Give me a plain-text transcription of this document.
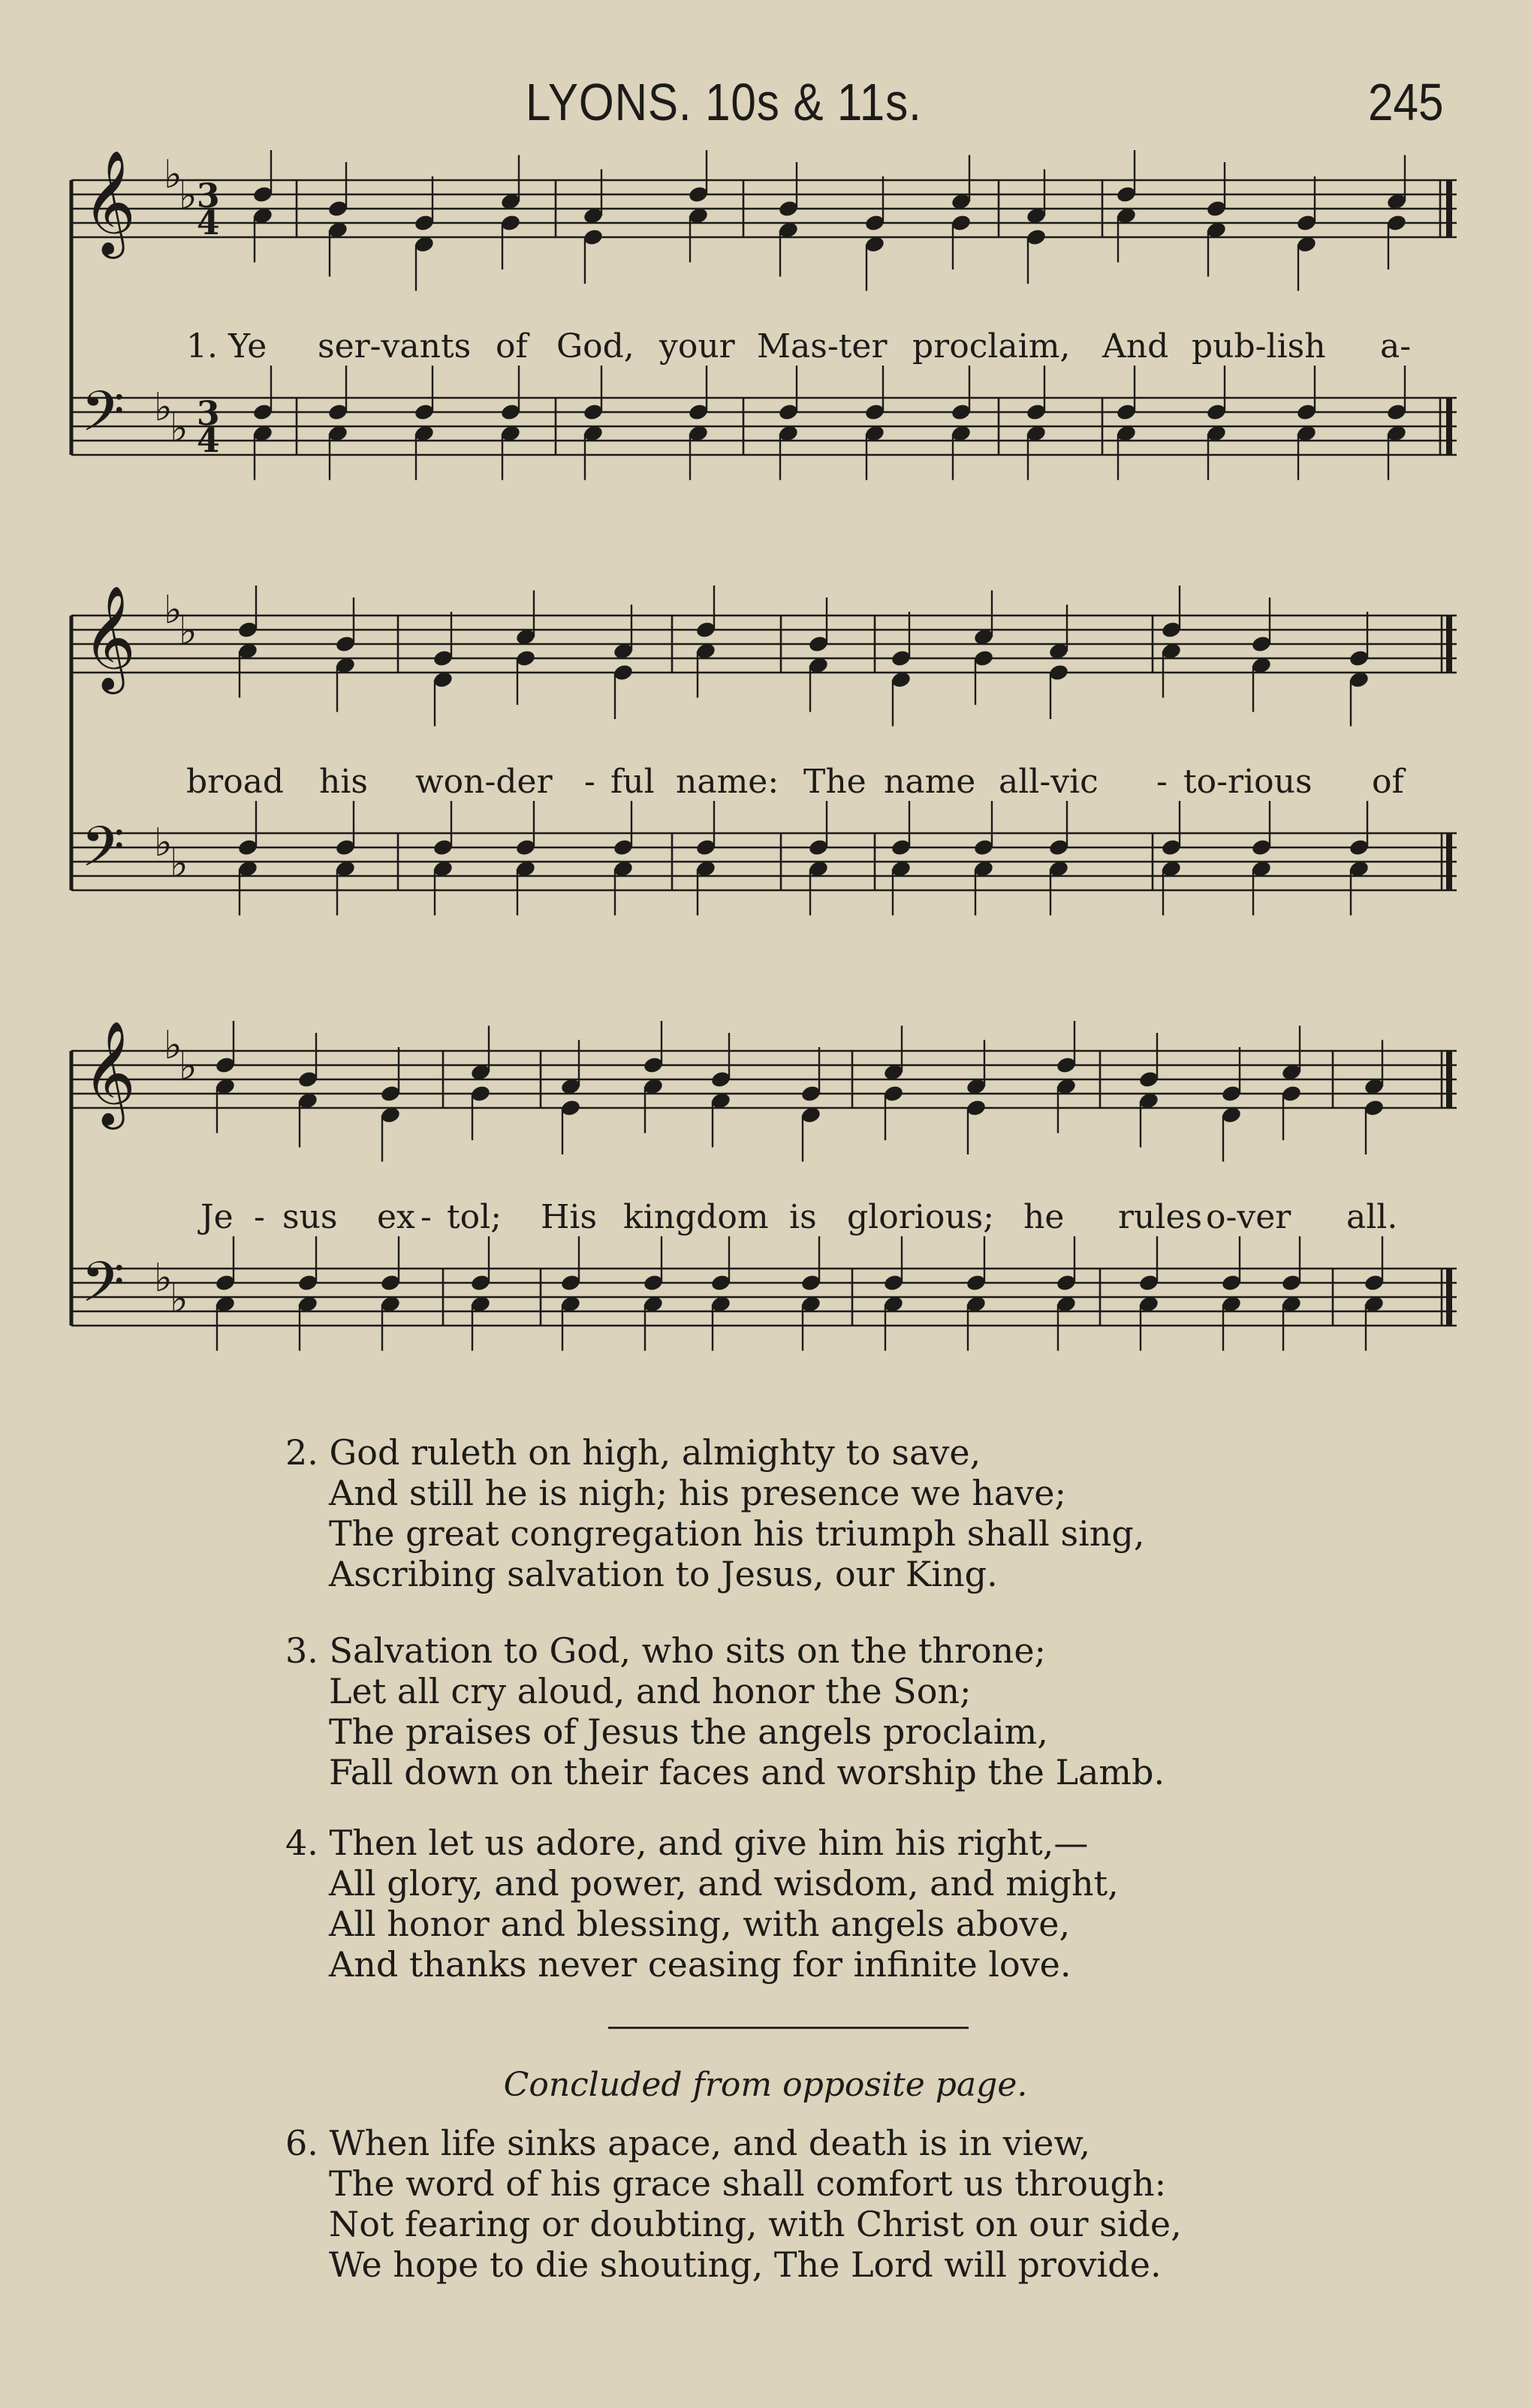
LYONS. 10s & 11s.	245
𝄞
𝄢
♭
♭
♭
♭
3
4
3
4
1. Ye ser-vants of God, your Mas-ter proclaim, And pub-lish a-
𝄞
𝄢
♭
♭
♭
♭
broad his won-der - ful name: The name all-vic - to-rious of
𝄞
𝄢
♭
♭
♭
♭
Je - sus ex - tol; His kingdom is glorious; he rules o-ver all.
2. God ruleth on high, almighty to save,
And still he is nigh; his presence we have;
The great congregation his triumph shall sing,
Ascribing salvation to Jesus, our King.
3. Salvation to God, who sits on the throne;
Let all cry aloud, and honor the Son;
The praises of Jesus the angels proclaim,
Fall down on their faces and worship the Lamb.
4. Then let us adore, and give him his right,—
All glory, and power, and wisdom, and might,
All honor and blessing, with angels above,
And thanks never ceasing for infinite love.
Concluded from opposite page.
6. When life sinks apace, and death is in view,
The word of his grace shall comfort us through:
Not fearing or doubting, with Christ on our side,
We hope to die shouting, The Lord will provide.
